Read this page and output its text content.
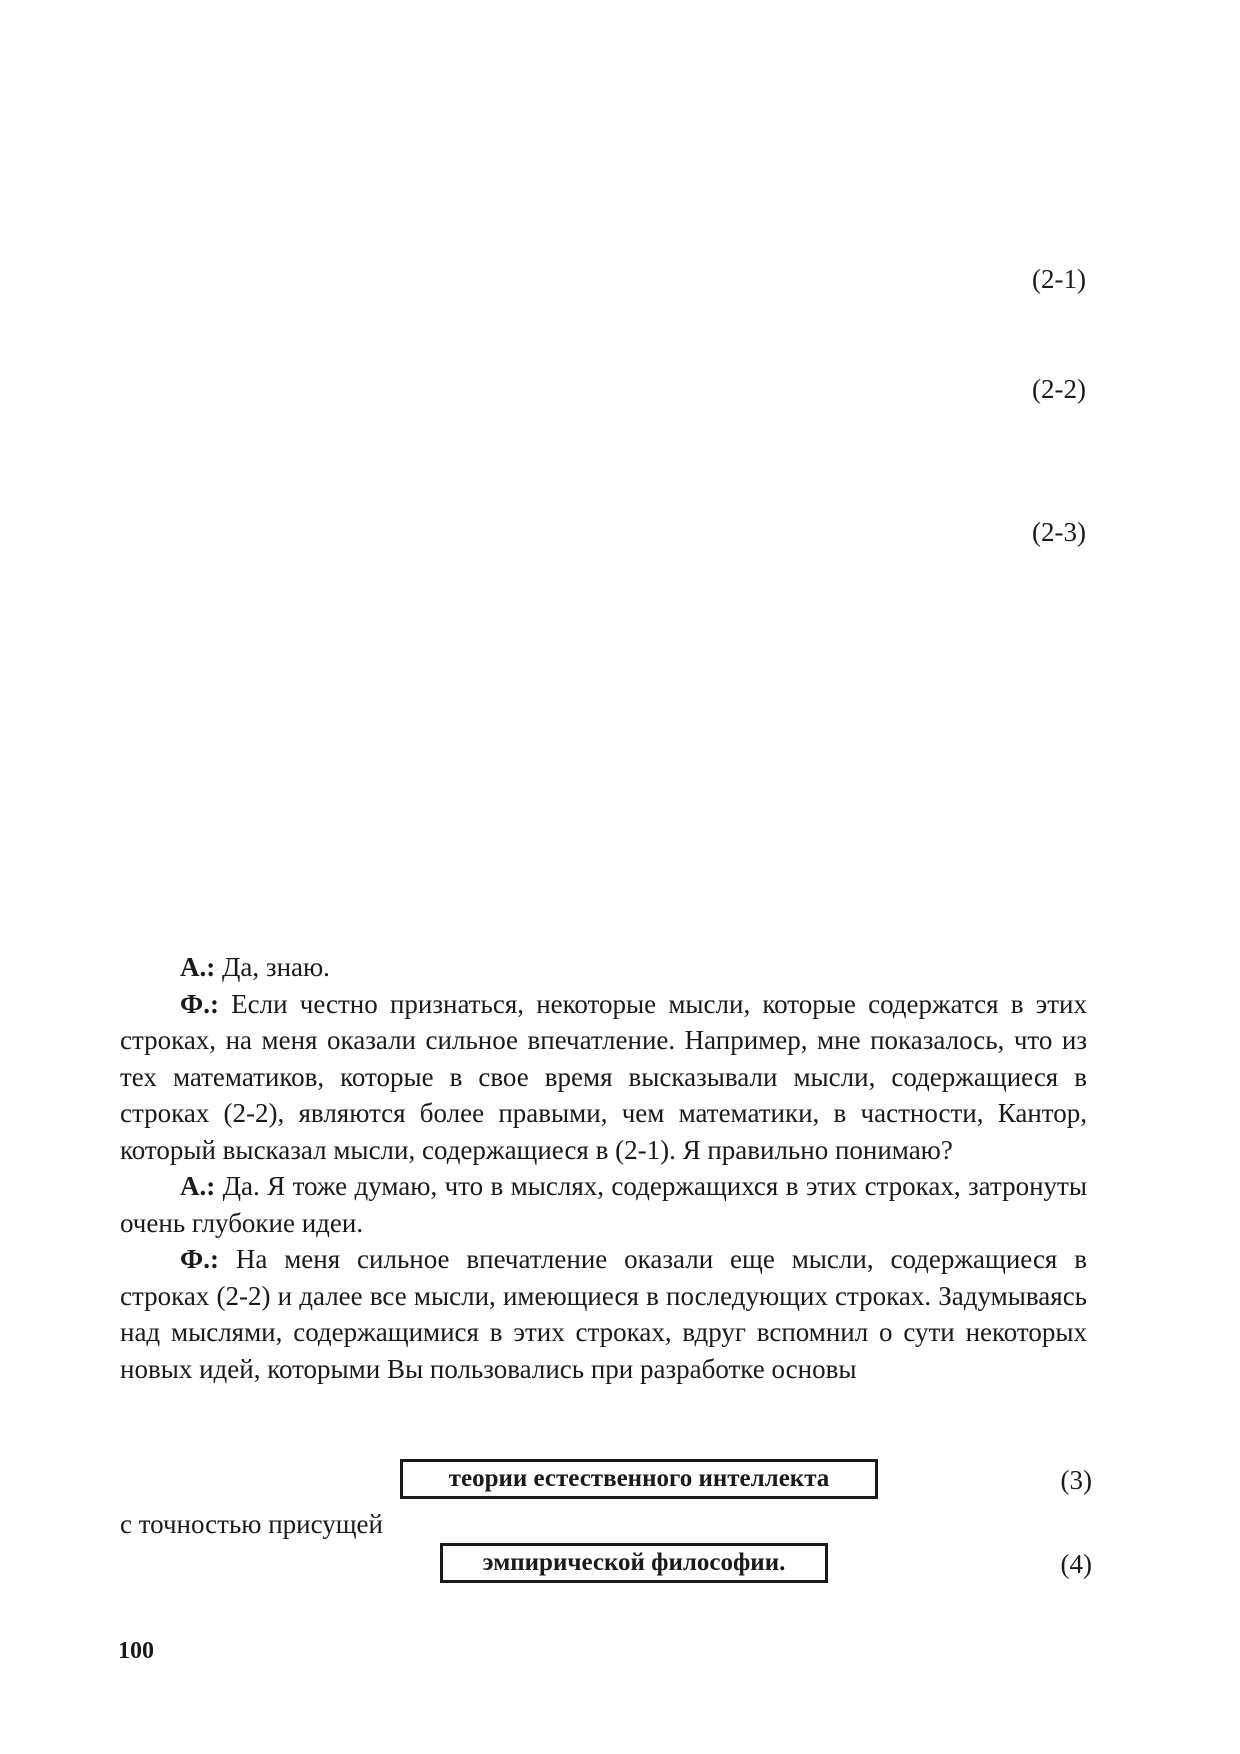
(2-1)
(2-2)
(2-3)

А.: Да, знаю.

Ф.: Если честно признаться, некоторые мысли, которые содержатся в этих строках, на меня оказали сильное впечатление. Например, мне показалось, что из тех математиков, которые в свое время высказывали мысли, содержащиеся в строках (2-2), являются более правыми, чем математики, в частности, Кантор, который высказал мысли, содержащиеся в (2-1). Я правильно понимаю?

А.: Да. Я тоже думаю, что в мыслях, содержащихся в этих строках, затронуты очень глубокие идеи.

Ф.: На меня сильное впечатление оказали еще мысли, содержащиеся в строках (2-2) и далее все мысли, имеющиеся в последующих строках. Задумываясь над мыслями, содержащимися в этих строках, вдруг вспомнил о сути некоторых новых идей, которыми Вы пользовались при разработке основы

теории естественного интеллекта	(3)
с точностью присущей
эмпирической философии.	(4)
100
